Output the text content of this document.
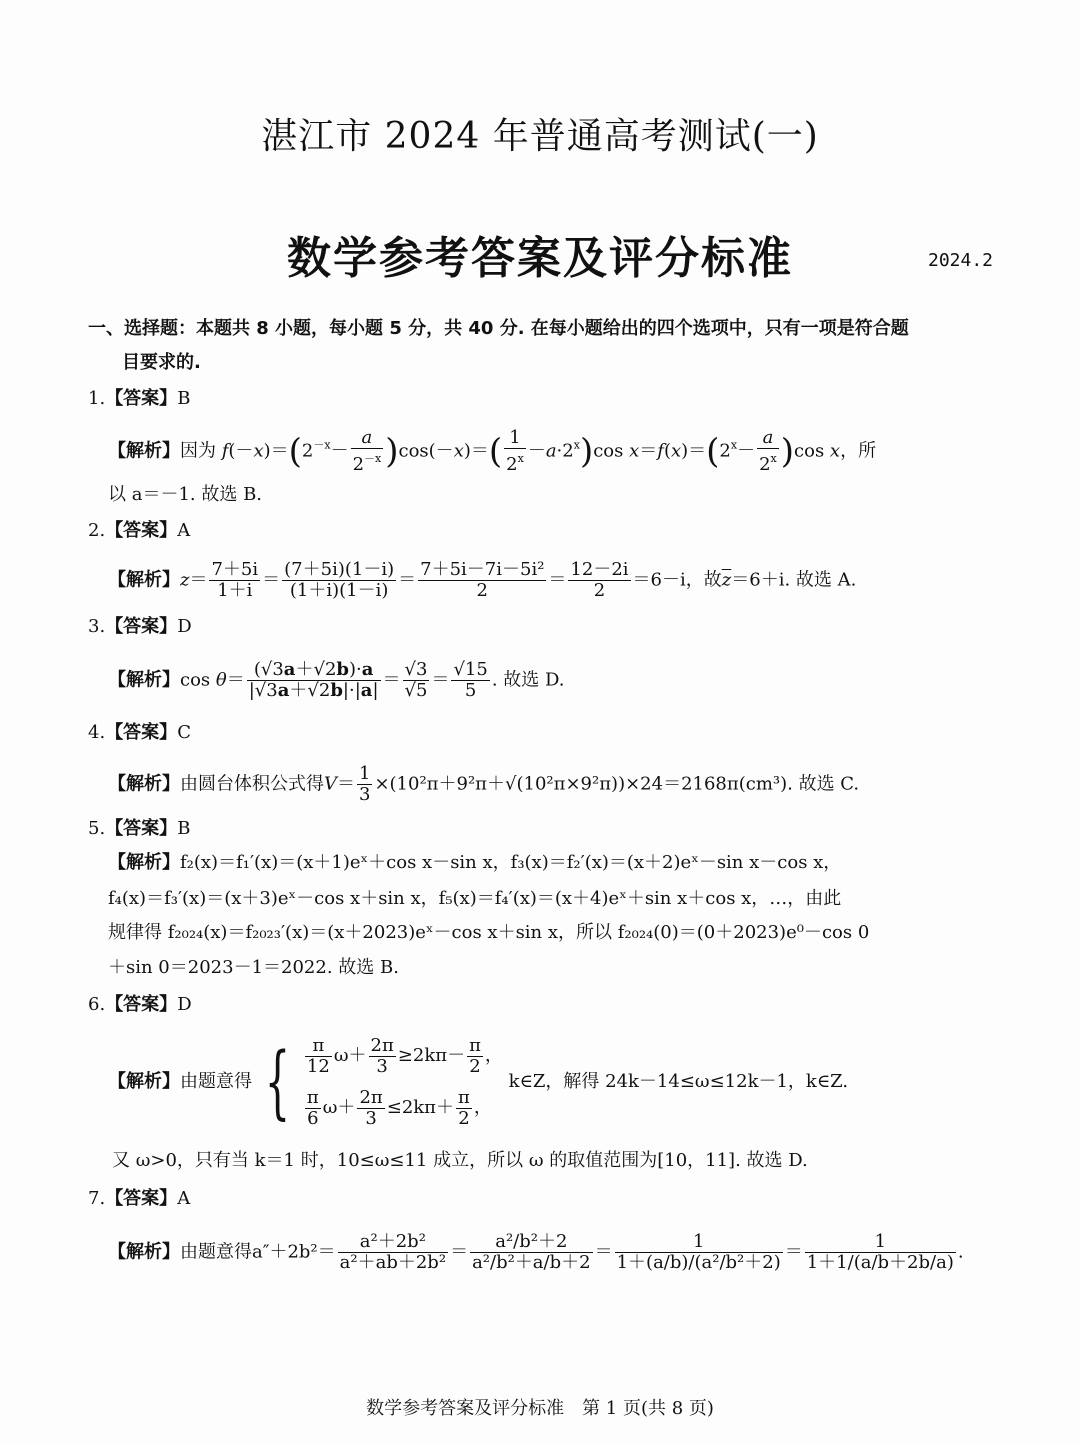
湛江市 2024 年普通高考测试(一)
数学参考答案及评分标准	2024.2
一、选择题：本题共 8 小题，每小题 5 分，共 40 分. 在每小题给出的四个选项中，只有一项是符合题
目要求的.
1.【答案】B
【解析】因为 $f(-x)=(2^{-x}- \frac{a}{2^{-x}} )\cos(-x)=( \frac{1}{2^x} -a\cdot 2^x)\cos$ $x=f(x)=(2^x- \frac{a}{2^x} )\cos$ x，所
以 a＝－1. 故选 B.
2.【答案】A
【解析】$z= \frac{7+5i}{1+i} = \frac{(7+5i)(1-i)}{(1+i)(1-i)} = \frac{\text{7＋5i－7i－5i²}}{2} = \frac{12-2i}{2} =6-i$，故$\overline{z}=6+i$. 故选 A.
3.【答案】D
【解析】$\cos \theta= \frac{(√3a+√2b)\cdot a}{|√3a+√2b|\cdot|a|} = \frac{√3}{√5} = \frac{√15}{5}$ . 故选 D.
4.【答案】C
【解析】由圆台体积公式得$V= \frac{1}{3} \times(10^2\pi+9^2\pi+√(10^2\pi\times 9^2\pi))\times 24=2168\pi(cm^3)$. 故选 C.
5.【答案】B
【解析】f₂(x)＝f₁′(x)＝(x＋1)eˣ＋cos x－sin x，f₃(x)＝f₂′(x)＝(x＋2)eˣ－sin x－cos x，
f₄(x)＝f₃′(x)＝(x＋3)eˣ－cos x＋sin x，f₅(x)＝f₄′(x)＝(x＋4)eˣ＋sin x＋cos x，…，由此
规律得 f₂₀₂₄(x)＝f₂₀₂₃′(x)＝(x＋2023)eˣ－cos x＋sin x，所以 f₂₀₂₄(0)＝(0＋2023)e⁰－cos 0
＋sin 0＝2023－1＝2022. 故选 B.
6.【答案】D
【解析】由题意得 { $\frac{\pi}{12} \omega+ \frac{2\pi}{3} \ge 2k\pi- \frac{\pi}{2}$ ，
$\frac{\pi}{6} \omega+ \frac{2\pi}{3} \le 2k\pi+ \frac{\pi}{2}$ ，
k∈Z，解得 24k－14≤ω≤12k－1，k∈Z.
又 ω>0，只有当 k＝1 时，10≤ω≤11 成立，所以 ω 的取值范围为[10，11]. 故选 D.
7.【答案】A
【解析】由题意得$a''+2b^2= \frac{\text{a²＋2b²}}{\text{a²＋ab＋2b²}} = \frac{\text{a²/b²＋2}}{\text{a²/b²＋a/b＋2}} = \frac{1}{\text{1＋(a/b)/(a²/b²＋2)}} = \frac{1}{1+1/(a/b+2b/a)}$ .
数学参考答案及评分标准　第 1 页(共 8 页)
